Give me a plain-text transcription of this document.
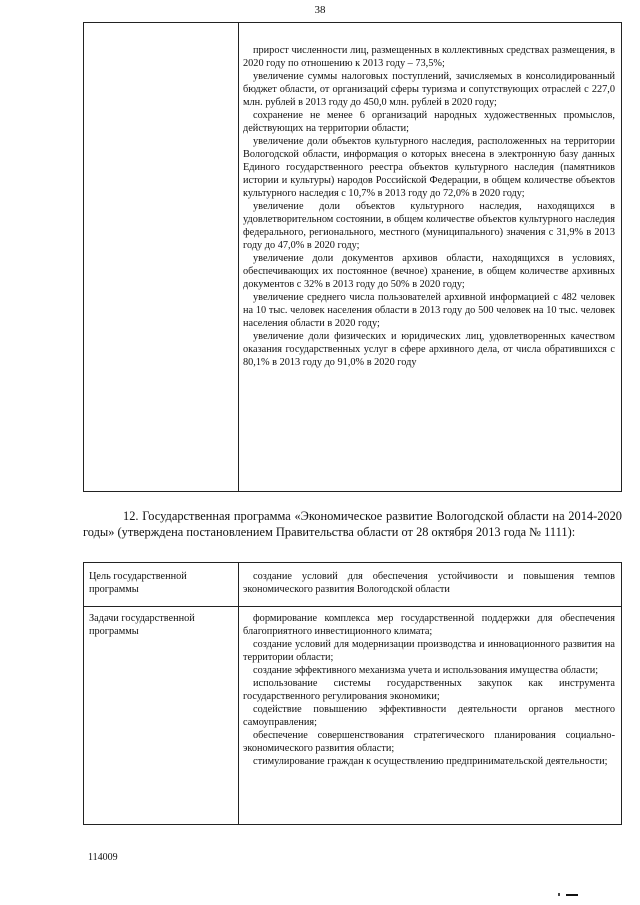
38

прирост численности лиц, размещенных в коллективных средствах размещения, в 2020 году по отношению к 2013 году – 73,5%;

увеличение суммы налоговых поступлений, зачисляемых в консолидированный бюджет области, от организаций сферы туризма и сопутствующих отраслей с 227,0 млн. рублей в 2013 году до 450,0 млн. рублей в 2020 году;

сохранение не менее 6 организаций народных художественных промыслов, действующих на территории области;

увеличение доли объектов культурного наследия, расположенных на территории Вологодской области, информация о которых внесена в электронную базу данных Единого государственного реестра объектов культурного наследия (памятников истории и культуры) народов Российской Федерации, в общем количестве объектов культурного наследия с 10,7% в 2013 году до 72,0% в 2020 году;

увеличение доли объектов культурного наследия, находящихся в удовлетворительном состоянии, в общем количестве объектов культурного наследия федерального, регионального, местного (муниципального) значения с 31,9% в 2013 году до 47,0% в 2020 году;

увеличение доли документов архивов области, находящихся в условиях, обеспечивающих их постоянное (вечное) хранение, в общем количестве архивных документов с 32% в 2013 году до 50% в 2020 году;

увеличение среднего числа пользователей архивной информацией с 482 человек на 10 тыс. человек населения области в 2013 году до 500 человек на 10 тыс. человек населения области в 2020 году;

увеличение доли физических и юридических лиц, удовлетворенных качеством оказания государственных услуг в сфере архивного дела, от числа обратившихся с 80,1% в 2013 году до 91,0% в 2020 году

12. Государственная программа «Экономическое развитие Вологодской области на 2014-2020 годы» (утверждена постановлением Правительства области от 28 октября 2013 года № 1111):

Цель государственной программы

создание условий для обеспечения устойчивости и повышения темпов экономического развития Вологодской области

Задачи государственной программы

формирование комплекса мер государственной поддержки для обеспечения благоприятного инвестиционного климата;

создание условий для модернизации производства и инновационного развития на территории области;

создание эффективного механизма учета и использования имущества области;

использование системы государственных закупок как инструмента государственного регулирования экономики;

содействие повышению эффективности деятельности органов местного самоуправления;

обеспечение совершенствования стратегического планирования социально-экономического развития области;

стимулирование граждан к осуществлению предпринимательской деятельности;

114009
